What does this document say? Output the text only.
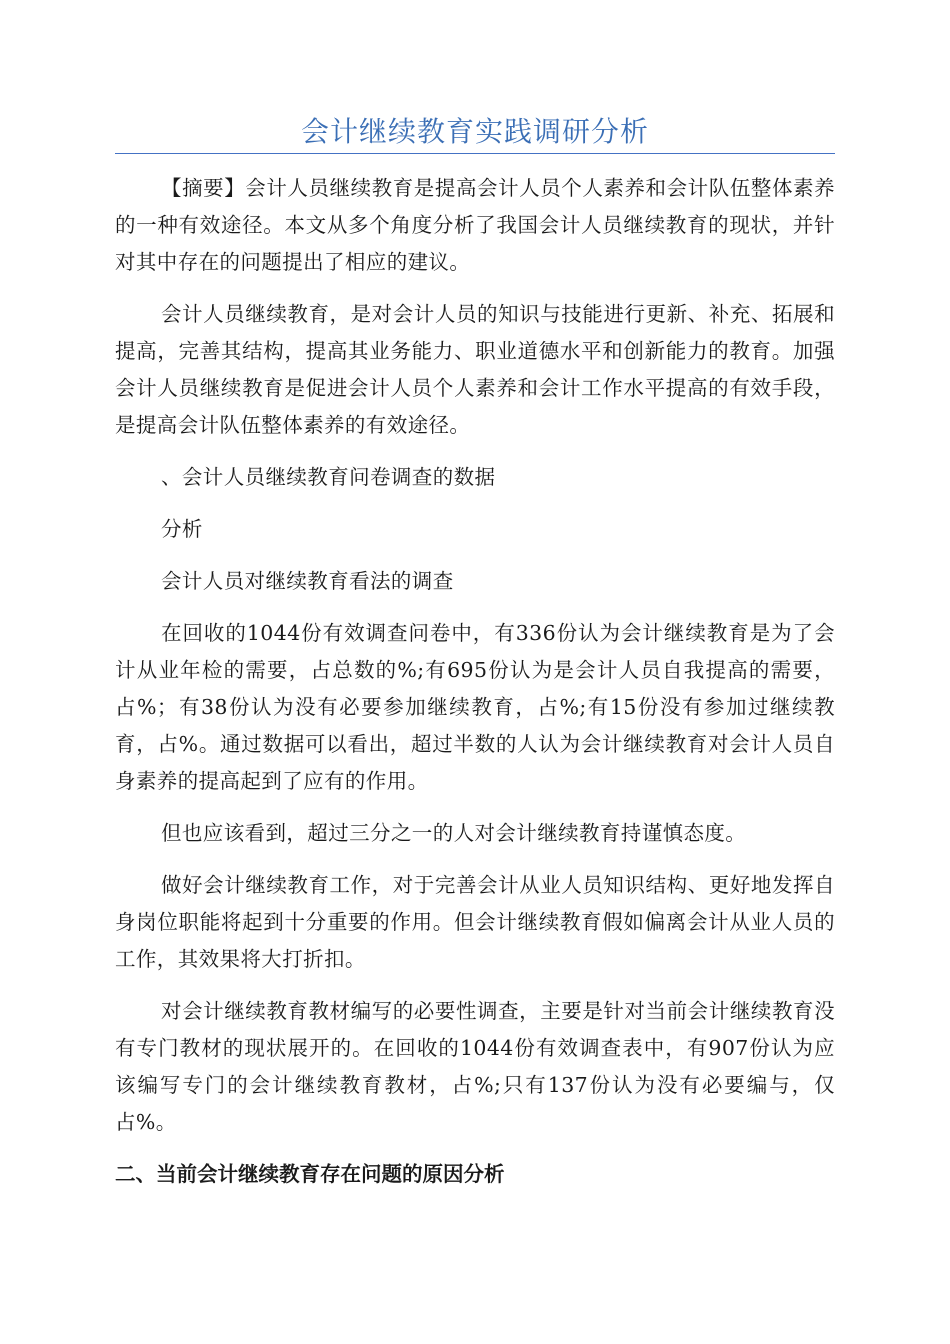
会计继续教育实践调研分析

【摘要】会计人员继续教育是提高会计人员个人素养和会计队伍整体素养的一种有效途径。本文从多个角度分析了我国会计人员继续教育的现状，并针对其中存在的问题提出了相应的建议。

会计人员继续教育，是对会计人员的知识与技能进行更新、补充、拓展和提高，完善其结构，提高其业务能力、职业道德水平和创新能力的教育。加强会计人员继续教育是促进会计人员个人素养和会计工作水平提高的有效手段，是提高会计队伍整体素养的有效途径。

、会计人员继续教育问卷调查的数据

分析

会计人员对继续教育看法的调查

在回收的1044份有效调查问卷中，有336份认为会计继续教育是为了会计从业年检的需要，占总数的%;有695份认为是会计人员自我提高的需要，占%；有38份认为没有必要参加继续教育，占%;有15份没有参加过继续教育，占%。通过数据可以看出，超过半数的人认为会计继续教育对会计人员自身素养的提高起到了应有的作用。

但也应该看到，超过三分之一的人对会计继续教育持谨慎态度。

做好会计继续教育工作，对于完善会计从业人员知识结构、更好地发挥自身岗位职能将起到十分重要的作用。但会计继续教育假如偏离会计从业人员的工作，其效果将大打折扣。

对会计继续教育教材编写的必要性调查，主要是针对当前会计继续教育没有专门教材的现状展开的。在回收的1044份有效调查表中，有907份认为应该编写专门的会计继续教育教材，占%;只有137份认为没有必要编与，仅占%。

二、当前会计继续教育存在问题的原因分析
